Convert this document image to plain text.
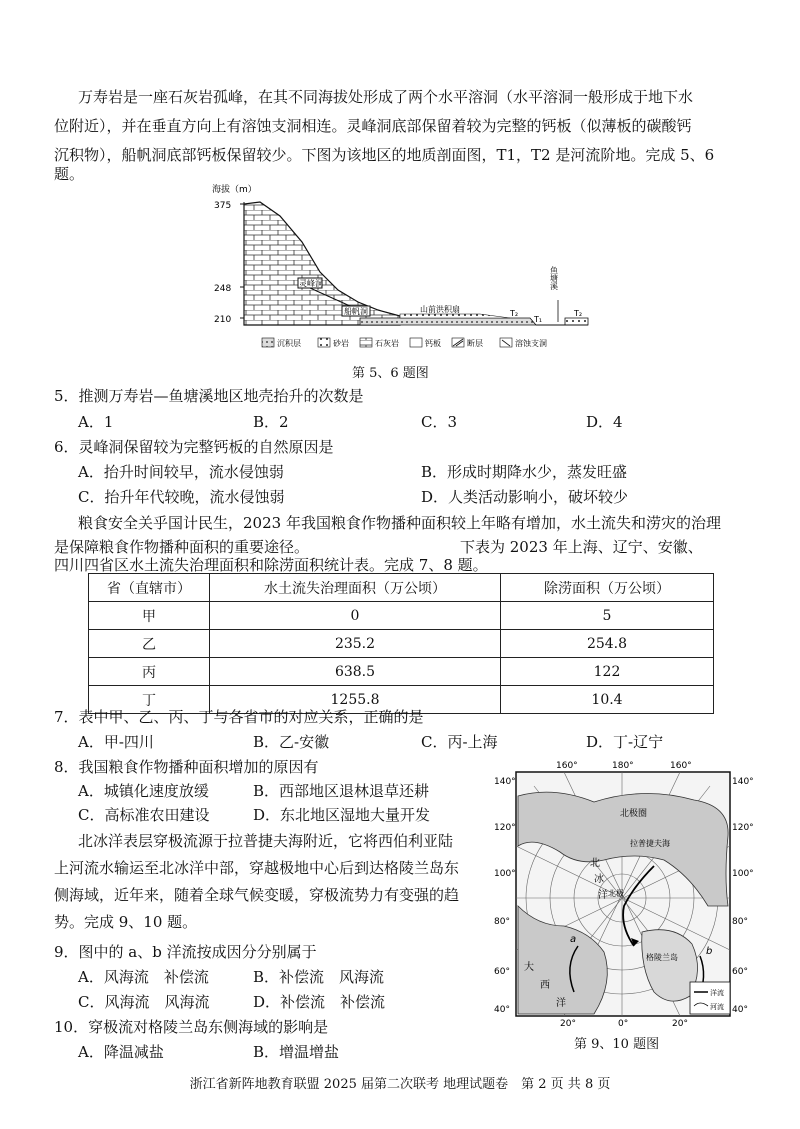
万寿岩是一座石灰岩孤峰，在其不同海拔处形成了两个水平溶洞（水平溶洞一般形成于地下水
位附近），并在垂直方向上有溶蚀支洞相连。灵峰洞底部保留着较为完整的钙板（似薄板的碳酸钙
沉积物），船帆洞底部钙板保留较少。下图为该地区的地质剖面图，T1，T2 是河流阶地。完成 5、6
题。
海拔（m）
375
248
210
灵峰洞
船帆洞	山前洪积扇	T₂
T₁
T₂
鱼塘溪
沉积层	砂岩	石灰岩	钙板	断层	溶蚀支洞
第 5、6 题图
5．推测万寿岩—鱼塘溪地区地壳抬升的次数是
A．1	B．2	C．3	D．4
6．灵峰洞保留较为完整钙板的自然原因是
A．抬升时间较早，流水侵蚀弱	B．形成时期降水少，蒸发旺盛
C．抬升年代较晚，流水侵蚀弱	D．人类活动影响小，破坏较少
粮食安全关乎国计民生，2023 年我国粮食作物播种面积较上年略有增加，水土流失和涝灾的治理
是保障粮食作物播种面积的重要途径。	下表为 2023 年上海、辽宁、安徽、
四川四省区水土流失治理面积和除涝面积统计表。完成 7、8 题。
省（直辖市）	水土流失治理面积（万公顷）	除涝面积（万公顷）
甲	0	5
乙	235.2	254.8
丙	638.5	122
丁	1255.8	10.4
7．表中甲、乙、丙、丁与各省市的对应关系，正确的是
A．甲-四川	B．乙-安徽	C．丙-上海	D．丁-辽宁
8．我国粮食作物播种面积增加的原因有
A．城镇化速度放缓	B．西部地区退林退草还耕
C．高标准农田建设	D．东北地区湿地大量开发
北冰洋表层穿极流源于拉普捷夫海附近，它将西伯利亚陆
上河流水输运至北冰洋中部，穿越极地中心后到达格陵兰岛东
侧海域，近年来，随着全球气候变暖，穿极流势力有变强的趋
势。完成 9、10 题。
9．图中的 a、b 洋流按成因分分别属于
A．风海流　补偿流	B．补偿流　风海流
C．风海流　风海流	D．补偿流　补偿流
10．穿极流对格陵兰岛东侧海域的影响是
A．降温减盐	B．增温增盐
160°	180°	160°
140°
120°
100°
80°
60°
40°
140°
120°
100°
80°
60°
40°
20°	0°	20°
北极圈
拉普捷夫海
北
冰
洋 北极
格陵兰岛
大
西
洋
a
b
洋流
河流
第 9、10 题图
浙江省新阵地教育联盟 2025 届第二次联考 地理试题卷　第 2 页 共 8 页
